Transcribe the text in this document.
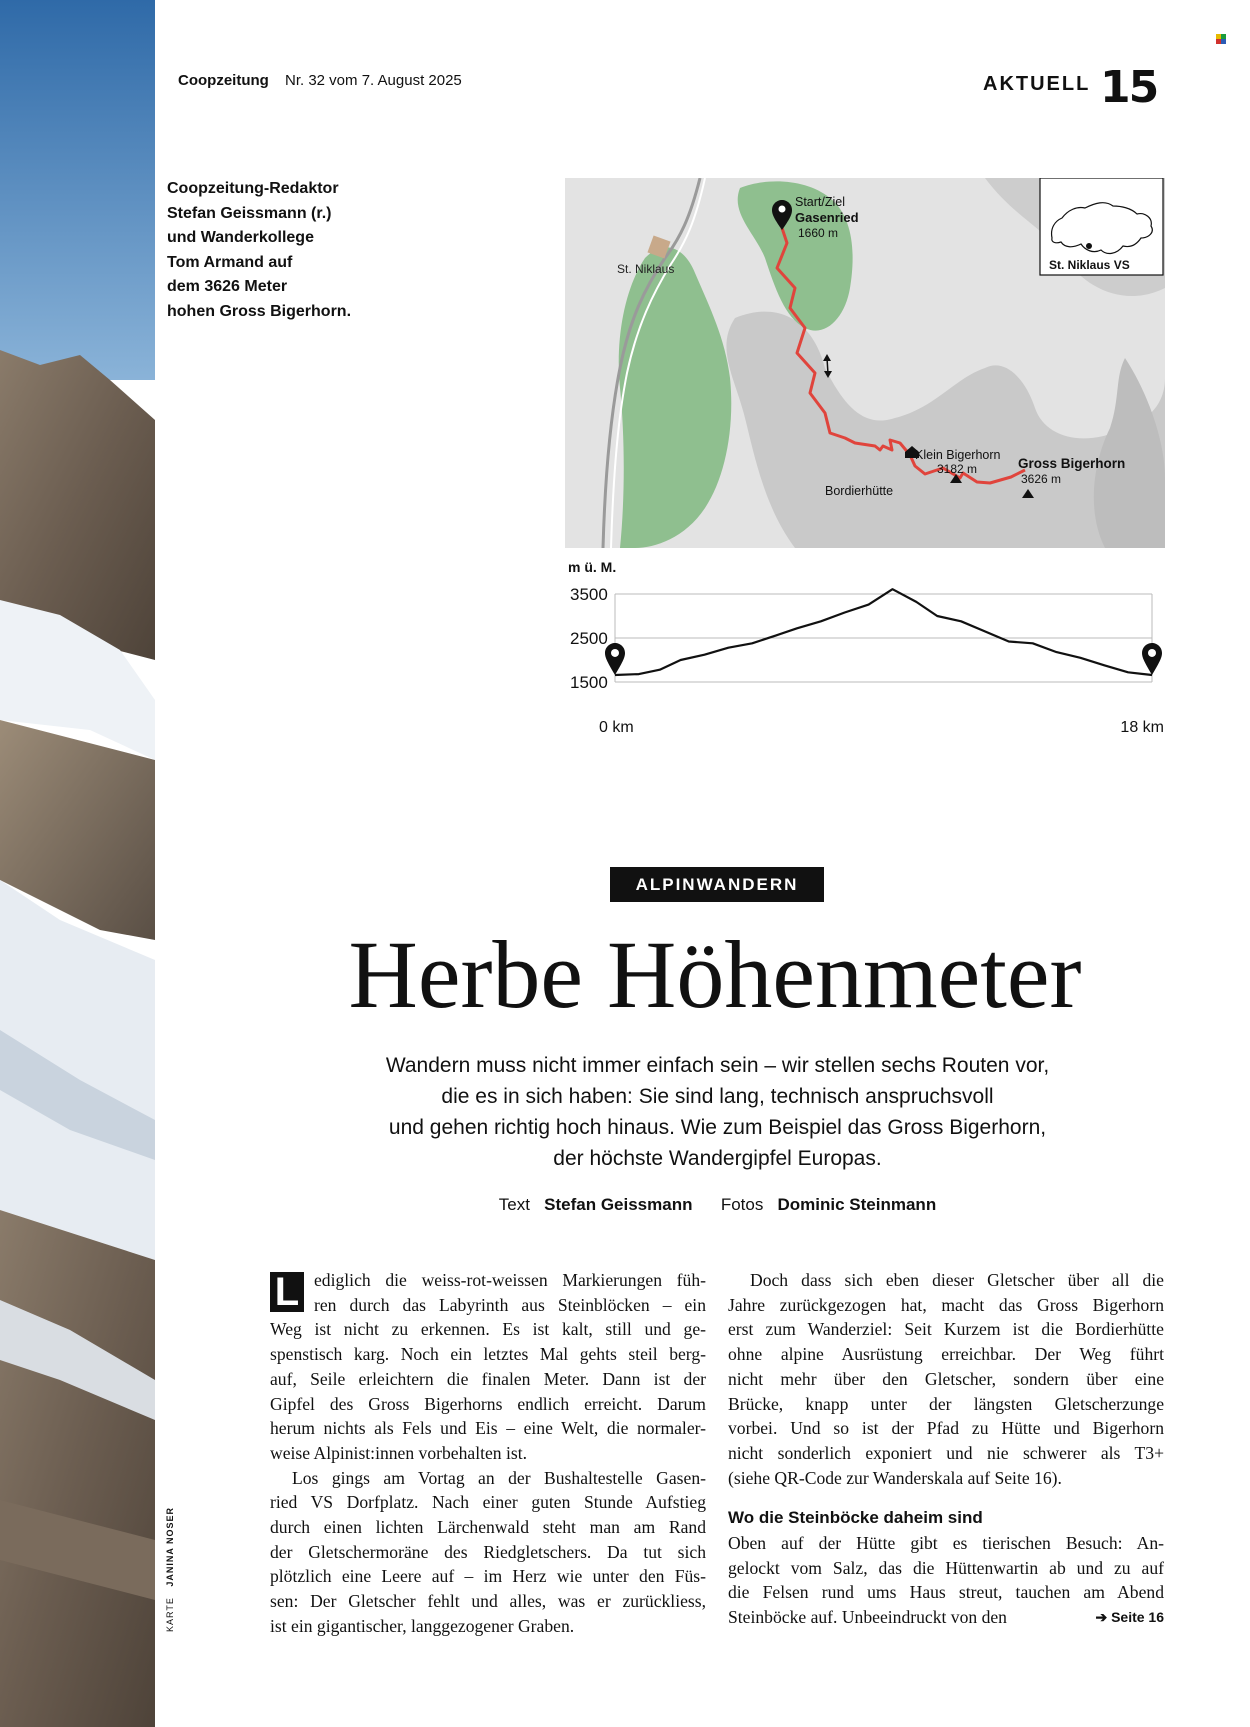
Coopzeitung Nr. 32 vom 7. August 2025	AKTUELL 15
Coopzeitung-Redaktor
Stefan Geissmann (r.)
und Wanderkollege
Tom Armand auf
dem 3626 Meter
hohen Gross Bigerhorn.
St. Niklaus
Start/Ziel
Gasenried
1660 m
Bordierhütte
Klein Bigerhorn
3182 m	Gross Bigerhorn
3626 m
St. Niklaus VS
m ü. M.
3500
2500
1500
0 km	18 km
ALPINWANDERN
Herbe Höhenmeter
Wandern muss nicht immer einfach sein – wir stellen sechs Routen vor,
die es in sich haben: Sie sind lang, technisch anspruchsvoll
und gehen richtig hoch hinaus. Wie zum Beispiel das Gross Bigerhorn,
der höchste Wandergipfel Europas.
Text Stefan Geissmann Fotos Dominic Steinmann
L ediglich die weiss-rot-weissen Markierungen füh-
ren durch das Labyrinth aus Steinblöcken – ein
Weg ist nicht zu erkennen. Es ist kalt, still und ge-
spenstisch karg. Noch ein letztes Mal gehts steil berg-
auf, Seile erleichtern die finalen Meter. Dann ist der
Gipfel des Gross Bigerhorns endlich erreicht. Darum
herum nichts als Fels und Eis – eine Welt, die normaler-
weise Alpinist:innen vorbehalten ist.
Los gings am Vortag an der Bushaltestelle Gasen-
ried VS Dorfplatz. Nach einer guten Stunde Aufstieg
durch einen lichten Lärchenwald steht man am Rand
der Gletschermoräne des Riedgletschers. Da tut sich
plötzlich eine Leere auf – im Herz wie unter den Füs-
sen: Der Gletscher fehlt und alles, was er zurückliess,
ist ein gigantischer, langgezogener Graben.
Doch dass sich eben dieser Gletscher über all die
Jahre zurückgezogen hat, macht das Gross Bigerhorn
erst zum Wanderziel: Seit Kurzem ist die Bordierhütte
ohne alpine Ausrüstung erreichbar. Der Weg führt
nicht mehr über den Gletscher, sondern über eine
Brücke, knapp unter der längsten Gletscherzunge
vorbei. Und so ist der Pfad zu Hütte und Bigerhorn
nicht sonderlich exponiert und nie schwerer als T3+
(siehe QR-Code zur Wanderskala auf Seite 16).
Wo die Steinböcke daheim sind
Oben auf der Hütte gibt es tierischen Besuch: An-
gelockt vom Salz, das die Hüttenwartin ab und zu auf
die Felsen rund ums Haus streut, tauchen am Abend
Steinböcke auf. Unbeeindruckt von den	➔ Seite 16
KARTE   JANINA NOSER
